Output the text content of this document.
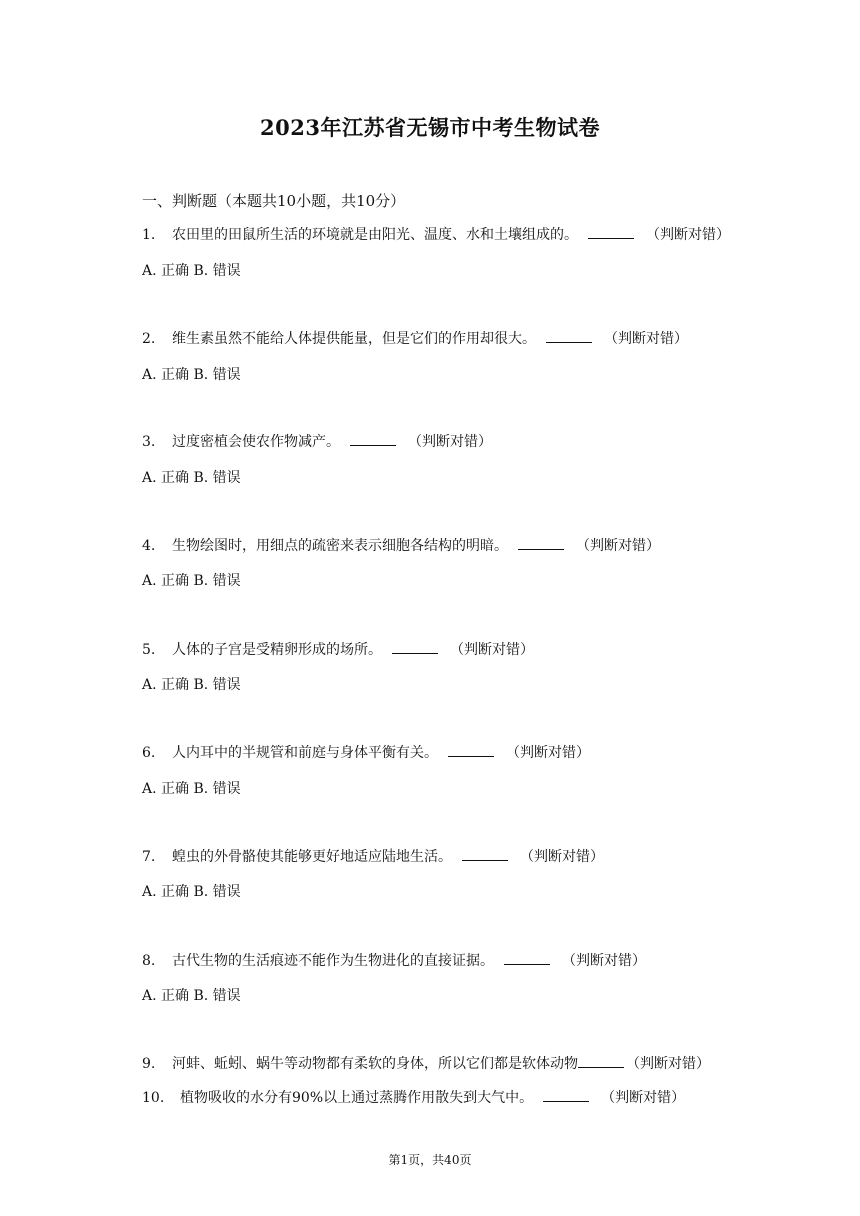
2023年江苏省无锡市中考生物试卷
一、判断题（本题共10小题，共10分）
1. 农田里的田鼠所生活的环境就是由阳光、温度、水和土壤组成的。	（判断对错）
A. 正确 B. 错误
2. 维生素虽然不能给人体提供能量，但是它们的作用却很大。	（判断对错）
A. 正确 B. 错误
3. 过度密植会使农作物减产。	（判断对错）
A. 正确 B. 错误
4. 生物绘图时，用细点的疏密来表示细胞各结构的明暗。	（判断对错）
A. 正确 B. 错误
5. 人体的子宫是受精卵形成的场所。	（判断对错）
A. 正确 B. 错误
6. 人内耳中的半规管和前庭与身体平衡有关。	（判断对错）
A. 正确 B. 错误
7. 蝗虫的外骨骼使其能够更好地适应陆地生活。	（判断对错）
A. 正确 B. 错误
8. 古代生物的生活痕迹不能作为生物进化的直接证据。	（判断对错）
A. 正确 B. 错误
9. 河蚌、蚯蚓、蜗牛等动物都有柔软的身体，所以它们都是软体动物	（判断对错）
10. 植物吸收的水分有90%以上通过蒸腾作用散失到大气中。	（判断对错）
第1页，共40页
